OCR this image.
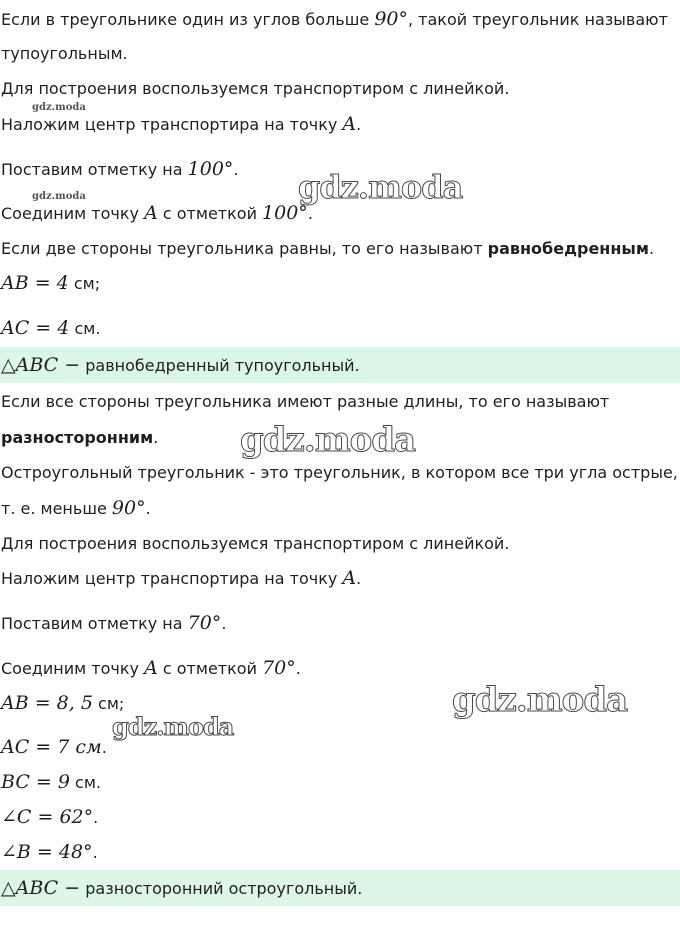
Если в треугольнике один из углов больше 90°, такой треугольник называют
тупоугольным.
Для построения воспользуемся транспортиром с линейкой.
Наложим центр транспортира на точку A.
Поставим отметку на 100°.
Соединим точку A с отметкой 100°.
Если две стороны треугольника равны, то его называют равнобедренным.
AB = 4 см;
AC = 4 см.
△ABC − равнобедренный тупоугольный.
Если все стороны треугольника имеют разные длины, то его называют
разносторонним.
Остроугольный треугольник - это треугольник, в котором все три угла острые,
т. е. меньше 90°.
Для построения воспользуемся транспортиром с линейкой.
Наложим центр транспортира на точку A.
Поставим отметку на 70°.
Соединим точку A с отметкой 70°.
AB = 8, 5 см;
AC = 7 см.
BC = 9 см.
∠C = 62°.
∠B = 48°.
△ABC − разносторонний остроугольный.
gdz.moda
gdz.moda	gdz.moda
gdz.moda
gdz.moda
gdz.moda
